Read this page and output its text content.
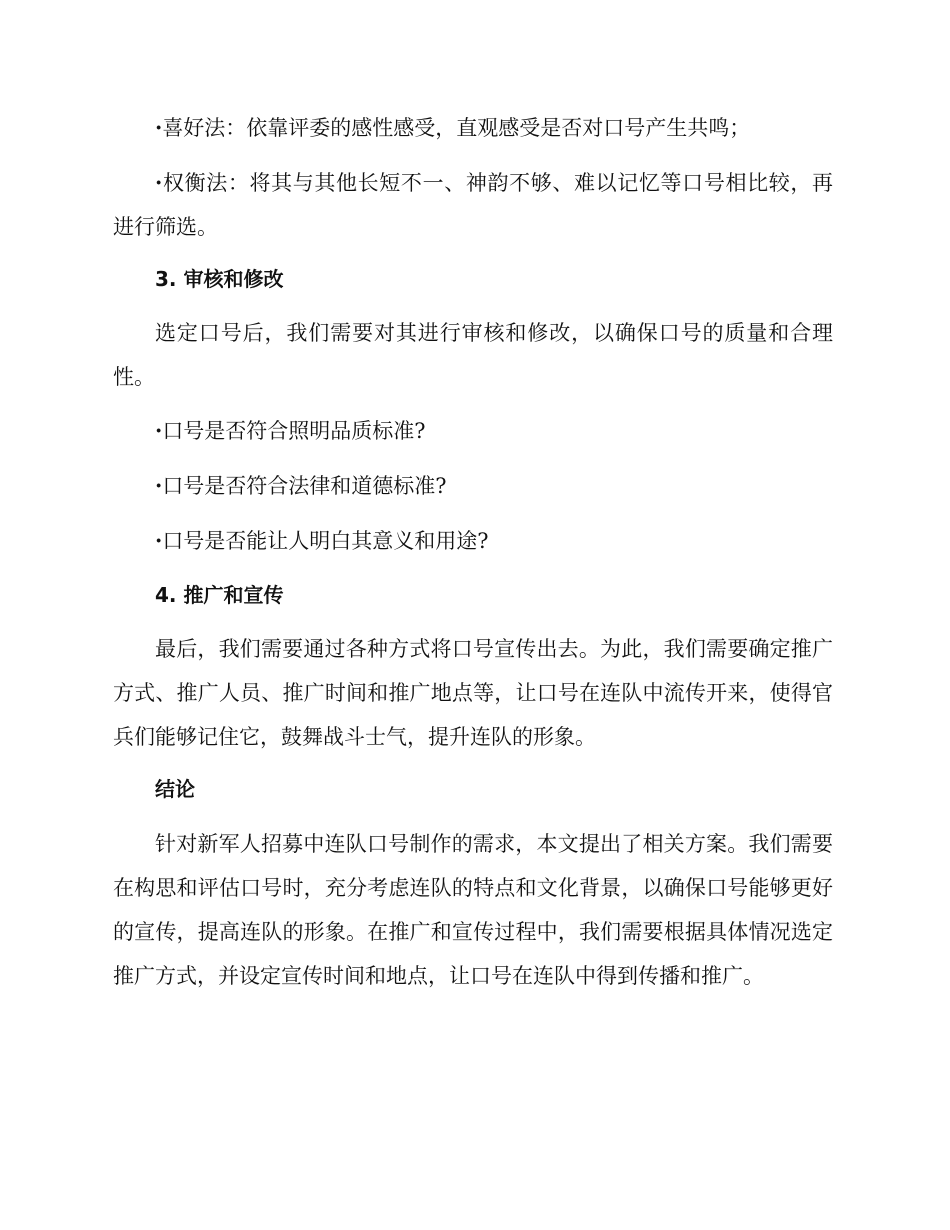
·喜好法：依靠评委的感性感受，直观感受是否对口号产生共鸣；

·权衡法：将其与其他长短不一、神韵不够、难以记忆等口号相比较，再进行筛选。

3. 审核和修改

选定口号后，我们需要对其进行审核和修改，以确保口号的质量和合理性。

·口号是否符合照明品质标准?

·口号是否符合法律和道德标准?

·口号是否能让人明白其意义和用途?

4. 推广和宣传

最后，我们需要通过各种方式将口号宣传出去。为此，我们需要确定推广方式、推广人员、推广时间和推广地点等，让口号在连队中流传开来，使得官兵们能够记住它，鼓舞战斗士气，提升连队的形象。

结论

针对新军人招募中连队口号制作的需求，本文提出了相关方案。我们需要在构思和评估口号时，充分考虑连队的特点和文化背景，以确保口号能够更好的宣传，提高连队的形象。在推广和宣传过程中，我们需要根据具体情况选定推广方式，并设定宣传时间和地点，让口号在连队中得到传播和推广。
